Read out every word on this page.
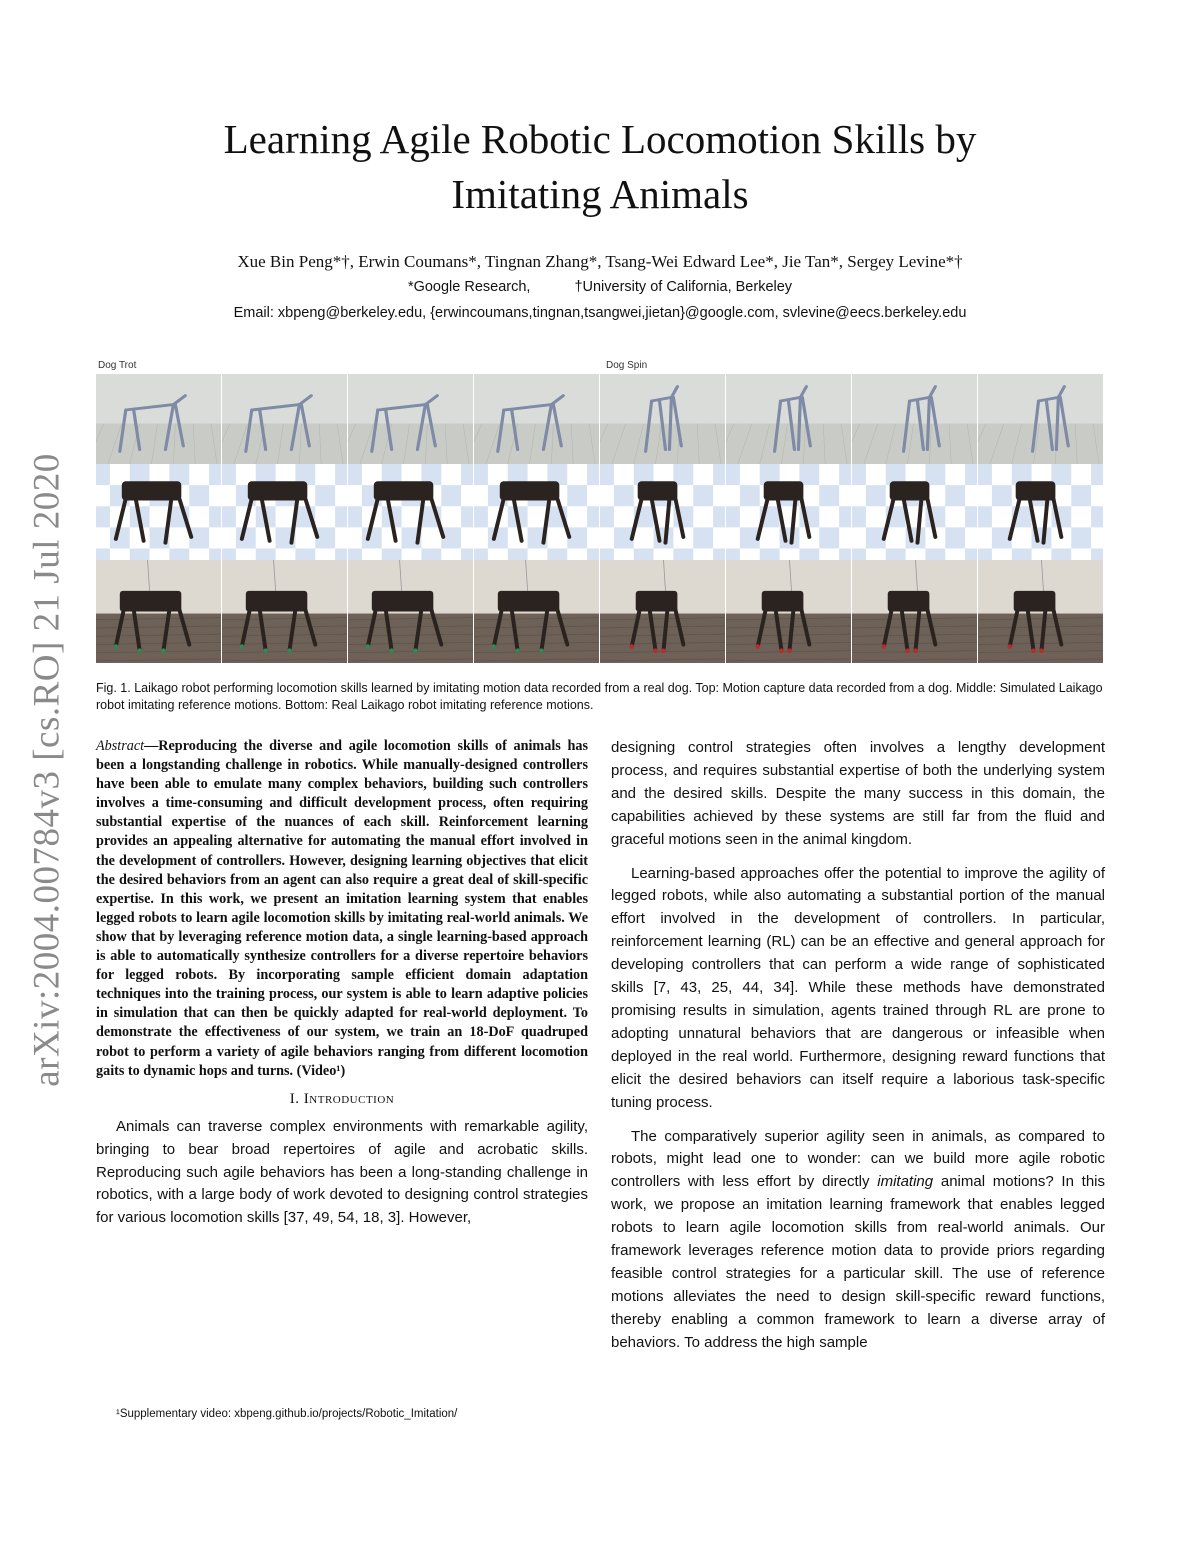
arXiv:2004.00784v3 [cs.RO] 21 Jul 2020
Learning Agile Robotic Locomotion Skills by
Imitating Animals
Xue Bin Peng*†, Erwin Coumans*, Tingnan Zhang*, Tsang-Wei Edward Lee*, Jie Tan*, Sergey Levine*†
*Google Research,	†University of California, Berkeley
Email: xbpeng@berkeley.edu, {erwincoumans,tingnan,tsangwei,jietan}@google.com, svlevine@eecs.berkeley.edu
Dog Trot	Dog Spin
Fig. 1. Laikago robot performing locomotion skills learned by imitating motion data recorded from a real dog. Top: Motion capture data recorded from a dog. Middle: Simulated Laikago robot imitating reference motions. Bottom: Real Laikago robot imitating reference motions.

Abstract—Reproducing the diverse and agile locomotion skills of animals has been a longstanding challenge in robotics. While manually-designed controllers have been able to emulate many complex behaviors, building such controllers involves a time-consuming and difficult development process, often requiring substantial expertise of the nuances of each skill. Reinforcement learning provides an appealing alternative for automating the manual effort involved in the development of controllers. However, designing learning objectives that elicit the desired behaviors from an agent can also require a great deal of skill-specific expertise. In this work, we present an imitation learning system that enables legged robots to learn agile locomotion skills by imitating real-world animals. We show that by leveraging reference motion data, a single learning-based approach is able to automatically synthesize controllers for a diverse repertoire behaviors for legged robots. By incorporating sample efficient domain adaptation techniques into the training process, our system is able to learn adaptive policies in simulation that can then be quickly adapted for real-world deployment. To demonstrate the effectiveness of our system, we train an 18-DoF quadruped robot to perform a variety of agile behaviors ranging from different locomotion gaits to dynamic hops and turns. (Video¹)

I. Introduction

Animals can traverse complex environments with remarkable agility, bringing to bear broad repertoires of agile and acrobatic skills. Reproducing such agile behaviors has been a long-standing challenge in robotics, with a large body of work devoted to designing control strategies for various locomotion skills [37, 49, 54, 18, 3]. However,

designing control strategies often involves a lengthy development process, and requires substantial expertise of both the underlying system and the desired skills. Despite the many success in this domain, the capabilities achieved by these systems are still far from the fluid and graceful motions seen in the animal kingdom.

Learning-based approaches offer the potential to improve the agility of legged robots, while also automating a substantial portion of the manual effort involved in the development of controllers. In particular, reinforcement learning (RL) can be an effective and general approach for developing controllers that can perform a wide range of sophisticated skills [7, 43, 25, 44, 34]. While these methods have demonstrated promising results in simulation, agents trained through RL are prone to adopting unnatural behaviors that are dangerous or infeasible when deployed in the real world. Furthermore, designing reward functions that elicit the desired behaviors can itself require a laborious task-specific tuning process.

The comparatively superior agility seen in animals, as compared to robots, might lead one to wonder: can we build more agile robotic controllers with less effort by directly imitating animal motions? In this work, we propose an imitation learning framework that enables legged robots to learn agile locomotion skills from real-world animals. Our framework leverages reference motion data to provide priors regarding feasible control strategies for a particular skill. The use of reference motions alleviates the need to design skill-specific reward functions, thereby enabling a common framework to learn a diverse array of behaviors. To address the high sample

¹Supplementary video: xbpeng.github.io/projects/Robotic_Imitation/
